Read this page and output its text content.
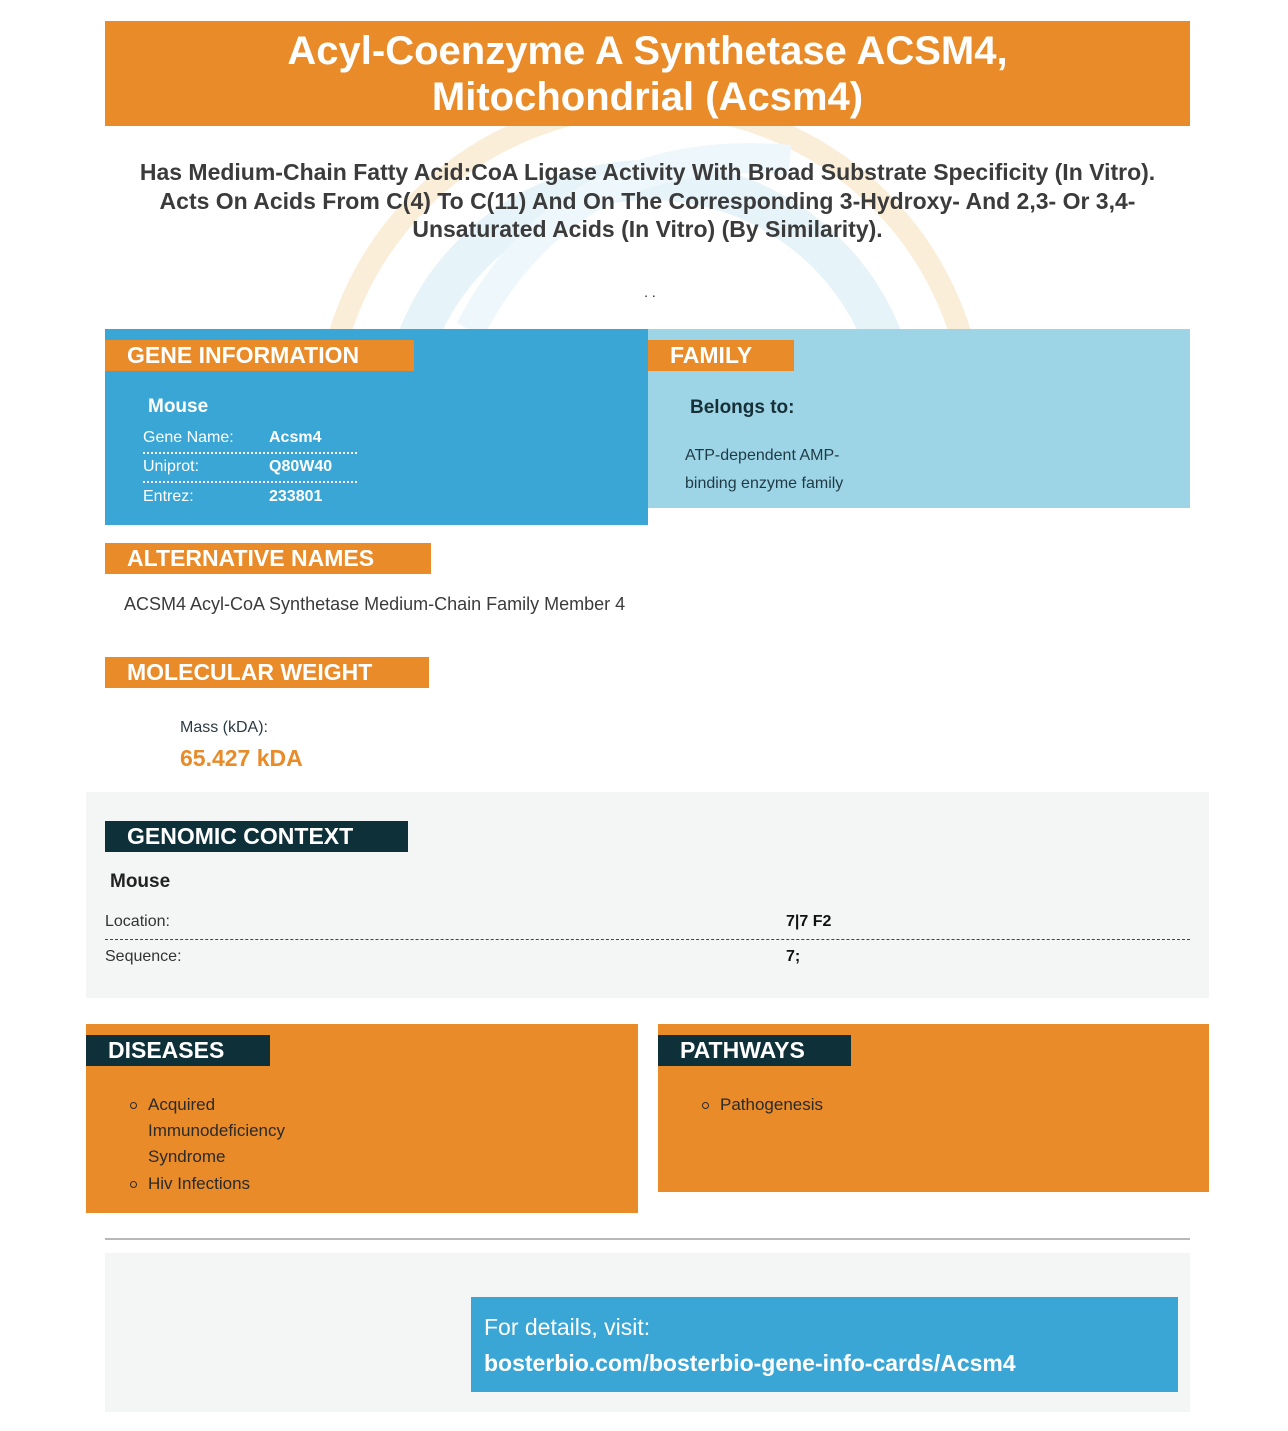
Acyl-Coenzyme A Synthetase ACSM4, Mitochondrial (Acsm4)
Has Medium-Chain Fatty Acid:CoA Ligase Activity With Broad Substrate Specificity (In Vitro). Acts On Acids From C(4) To C(11) And On The Corresponding 3-Hydroxy- And 2,3- Or 3,4- Unsaturated Acids (In Vitro) (By Similarity).
. .
GENE INFORMATION
Mouse
Gene Name:	Acsm4
Uniprot:	Q80W40
Entrez:	233801
FAMILY
Belongs to:
ATP-dependent AMP-binding enzyme family
ALTERNATIVE NAMES
ACSM4 Acyl-CoA Synthetase Medium-Chain Family Member 4
MOLECULAR WEIGHT
Mass (kDA):
65.427 kDA
GENOMIC CONTEXT
Mouse
Location:	7|7 F2
Sequence:	7;
DISEASES
Acquired Immunodeficiency Syndrome
Hiv Infections
PATHWAYS
Pathogenesis
For details, visit:
bosterbio.com/bosterbio-gene-info-cards/Acsm4
